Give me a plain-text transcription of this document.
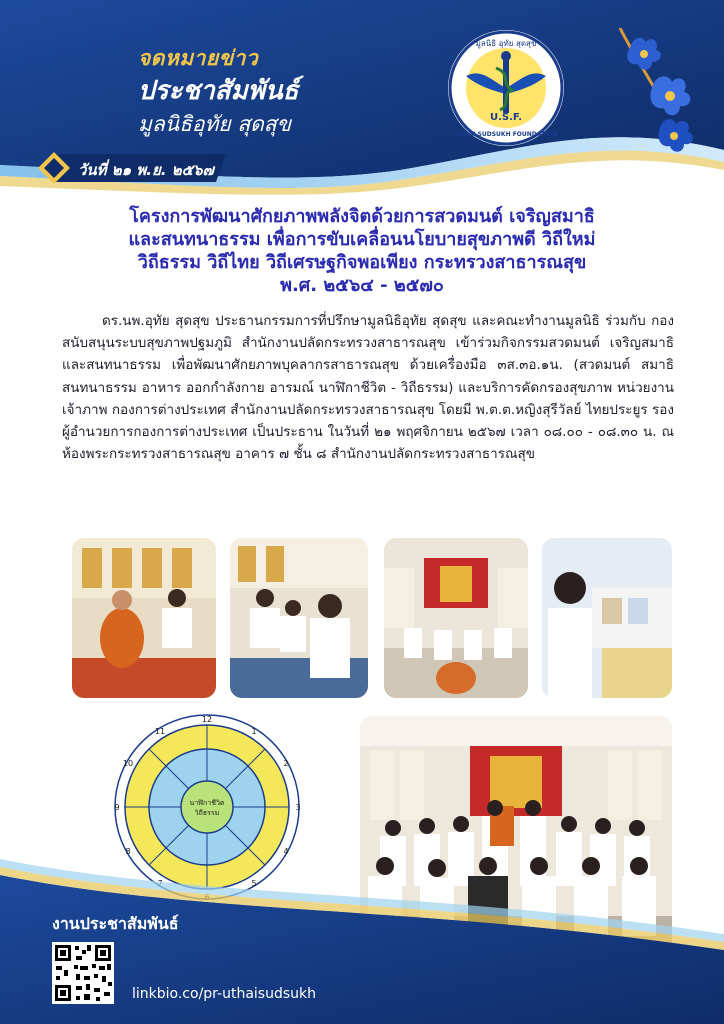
จดหมายข่าว
ประชาสัมพันธ์
มูลนิธิอุทัย สุดสุข	U.S.F.
มูลนิธิ อุทัย สุดสุข
UTHAI SUDSUKH FOUNDATION
วันที่ ๒๑ พ.ย. ๒๕๖๗
โครงการพัฒนาศักยภาพพลังจิตด้วยการสวดมนต์ เจริญสมาธิ
และสนทนาธรรม เพื่อการขับเคลื่อนนโยบายสุขภาพดี วิถีใหม่
วิถีธรรม วิถีไทย วิถีเศรษฐกิจพอเพียง กระทรวงสาธารณสุข
พ.ศ. ๒๕๖๔ - ๒๕๗๐
ดร.นพ.อุทัย สุดสุข ประธานกรรมการที่ปรึกษามูลนิธิอุทัย สุดสุข และคณะทำงานมูลนิธิ ร่วมกับ กองสนับสนุนระบบสุขภาพปฐมภูมิ สำนักงานปลัดกระทรวงสาธารณสุข เข้าร่วมกิจกรรมสวดมนต์ เจริญสมาธิ และสนทนาธรรม เพื่อพัฒนาศักยภาพบุคลากรสาธารณสุข ด้วยเครื่องมือ ๓ส.๓อ.๑น. (สวดมนต์ สมาธิ สนทนาธรรม อาหาร ออกกำลังกาย อารมณ์ นาฬิกาชีวิต - วิถีธรรม) และบริการคัดกรองสุขภาพ หน่วยงานเจ้าภาพ กองการต่างประเทศ สำนักงานปลัดกระทรวงสาธารณสุข โดยมี พ.ต.ต.หญิงสุรีวัลย์ ไทยประยูร รองผู้อำนวยการกองการต่างประเทศ เป็นประธาน ในวันที่ ๒๑ พฤศจิกายน ๒๕๖๗ เวลา ๐๘.๐๐ - ๐๘.๓๐ น. ณ ห้องพระกระทรวงสาธารณสุข อาคาร ๗ ชั้น ๘ สำนักงานปลัดกระทรวงสาธารณสุข
12
1
2
3
4
5
8
9
10
11
นาฬิกาชีวิต
วิถีธรรม
งานประชาสัมพันธ์
linkbio.co/pr-uthaisudsukh
